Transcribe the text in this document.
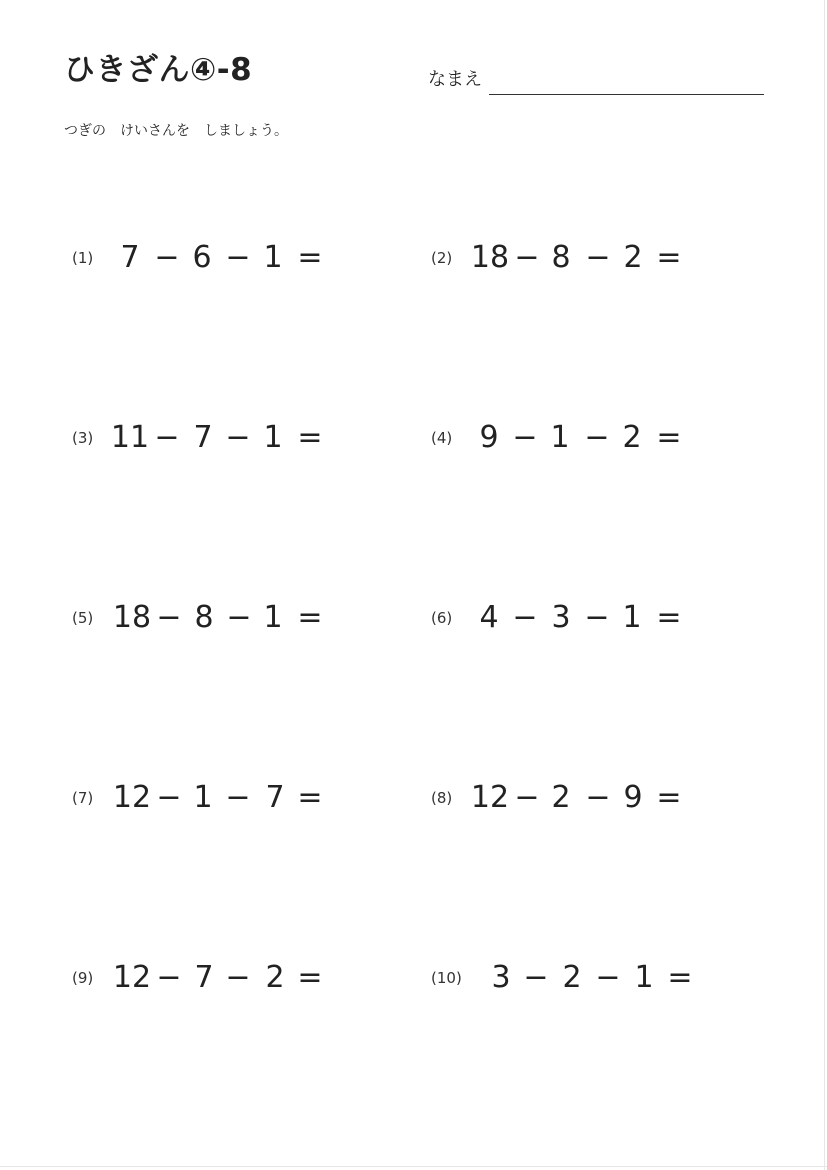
ひきざん④-8	なまえ
つぎの　けいさんを　しましょう。
(1) 7 − 6 − 1 =	(2) 18 − 8 − 2 =
(3) 11 − 7 − 1 =	(4) 9 − 1 − 2 =
(5) 18 − 8 − 1 =	(6) 4 − 3 − 1 =
(7) 12 − 1 − 7 =	(8) 12 − 2 − 9 =
(9) 12 − 7 − 2 =	(10) 3 − 2 − 1 =
